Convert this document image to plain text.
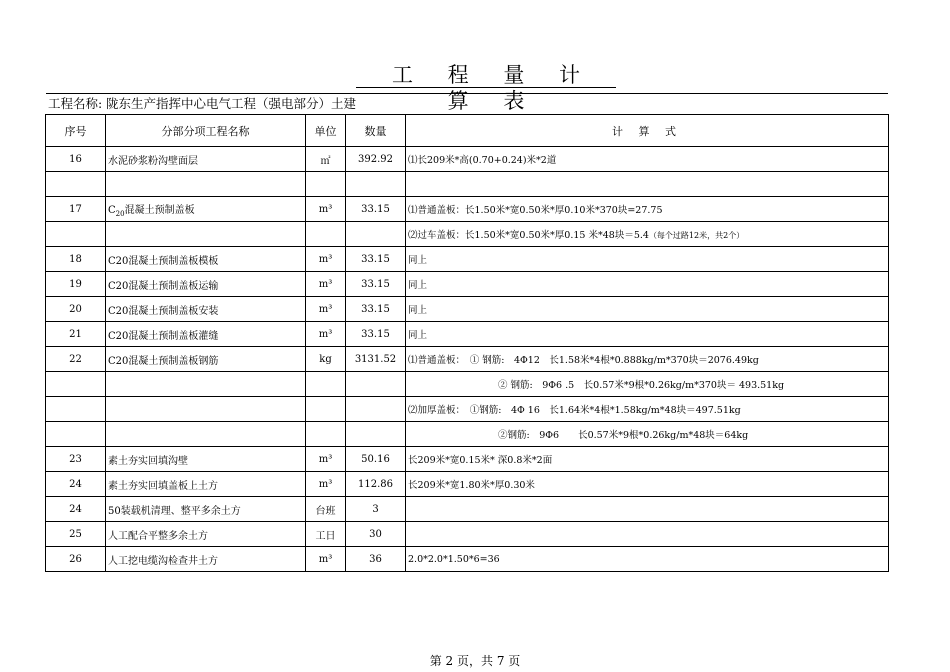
工 程 量 计 算 表
工程名称: 陇东生产指挥中心电气工程（强电部分）土建
序号	分部分项工程名称	单位	数量	计 算 式
16	水泥砂浆粉沟壁面层	㎡	392.92	⑴长209米*高(0.70+0.24)米*2道

17	$C_{20}$混凝土预制盖板	m³	33.15	⑴普通盖板：长1.50米*宽0.50米*厚0.10米*370块=27.75
				⑵过车盖板：长1.50米*宽0.50米*厚0.15 米*48块＝5.4（每个过路12米，共2个）
18	C20混凝土预制盖板模板	m³	33.15	同上
19	C20混凝土预制盖板运输	m³	33.15	同上
20	C20混凝土预制盖板安装	m³	33.15	同上
21	C20混凝土预制盖板灌缝	m³	33.15	同上
22	C20混凝土预制盖板钢筋	kg	3131.52	⑴普通盖板：　① 钢筋:　4Φ12　长1.58米*4根*0.888kg/m*370块＝2076.49kg
				② 钢筋:　9Φ6 .5　长0.57米*9根*0.26kg/m*370块＝ 493.51kg
				⑵加厚盖板：　①钢筋:　4Φ 16　长1.64米*4根*1.58kg/m*48块＝497.51kg
				②钢筋:　9Φ6　　长0.57米*9根*0.26kg/m*48块＝64kg
23	素土夯实回填沟壁	m³	50.16	长209米*宽0.15米* 深0.8米*2面
24	素土夯实回填盖板上土方	m³	112.86	长209米*宽1.80米*厚0.30米
24	50装载机清理、整平多余土方	台班	3	
25	人工配合平整多余土方	工日	30	
26	人工挖电缆沟检查井土方	m³	36	2.0*2.0*1.50*6=36
第 2 页，共 7 页
